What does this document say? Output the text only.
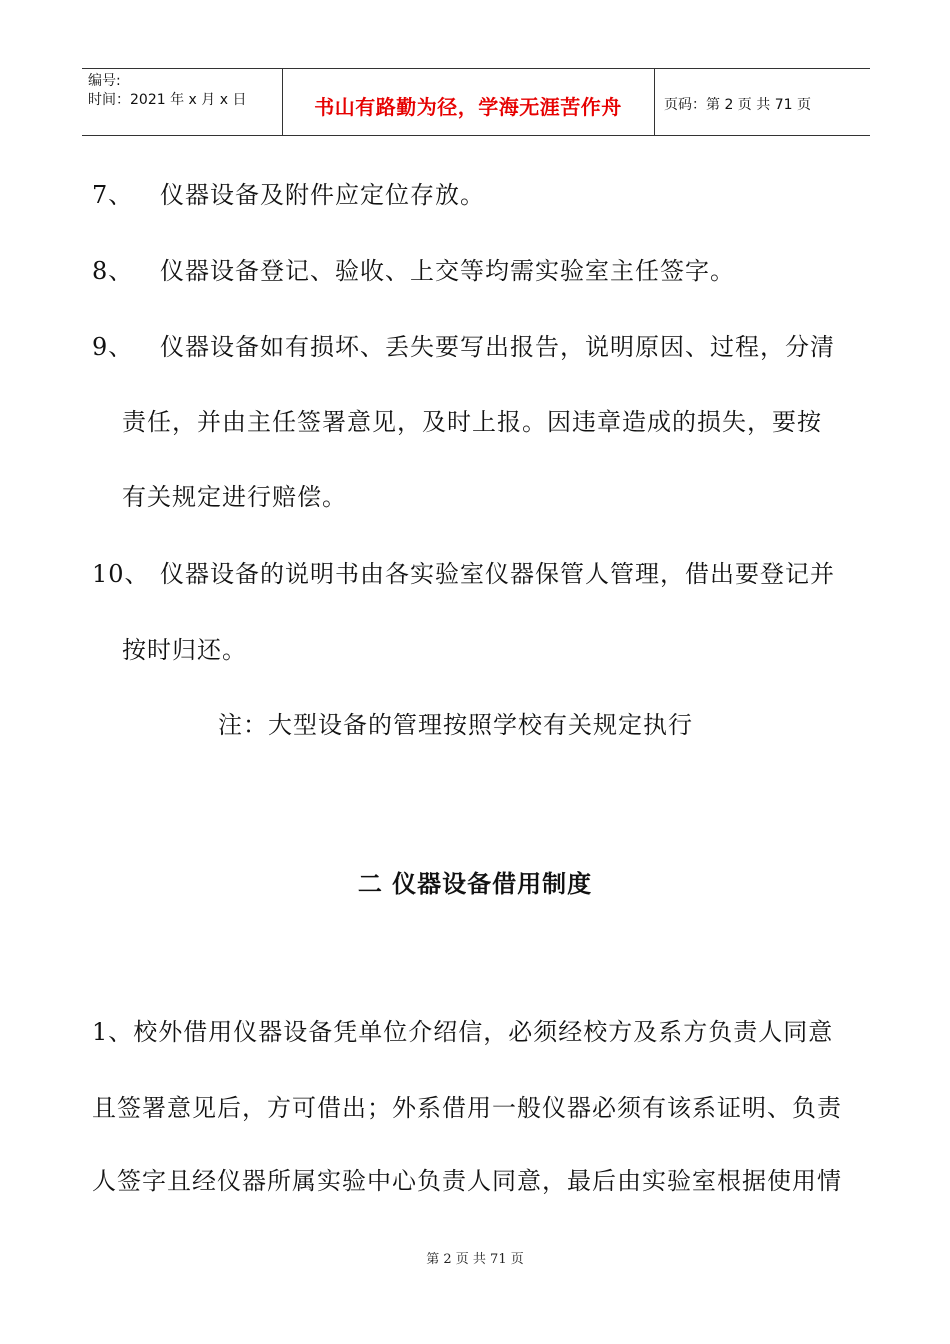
编号:
时间：2021 年 x 月 x 日	书山有路勤为径，学海无涯苦作舟	页码：第 2 页 共 71 页
7、 仪器设备及附件应定位存放。
8、 仪器设备登记、验收、上交等均需实验室主任签字。
9、 仪器设备如有损坏、丢失要写出报告，说明原因、过程，分清
责任，并由主任签署意见，及时上报。因违章造成的损失，要按
有关规定进行赔偿。
10、 仪器设备的说明书由各实验室仪器保管人管理，借出要登记并
按时归还。
注：大型设备的管理按照学校有关规定执行
二 仪器设备借用制度
1、校外借用仪器设备凭单位介绍信，必须经校方及系方负责人同意
且签署意见后，方可借出；外系借用一般仪器必须有该系证明、负责
人签字且经仪器所属实验中心负责人同意，最后由实验室根据使用情
第 2 页 共 71 页
